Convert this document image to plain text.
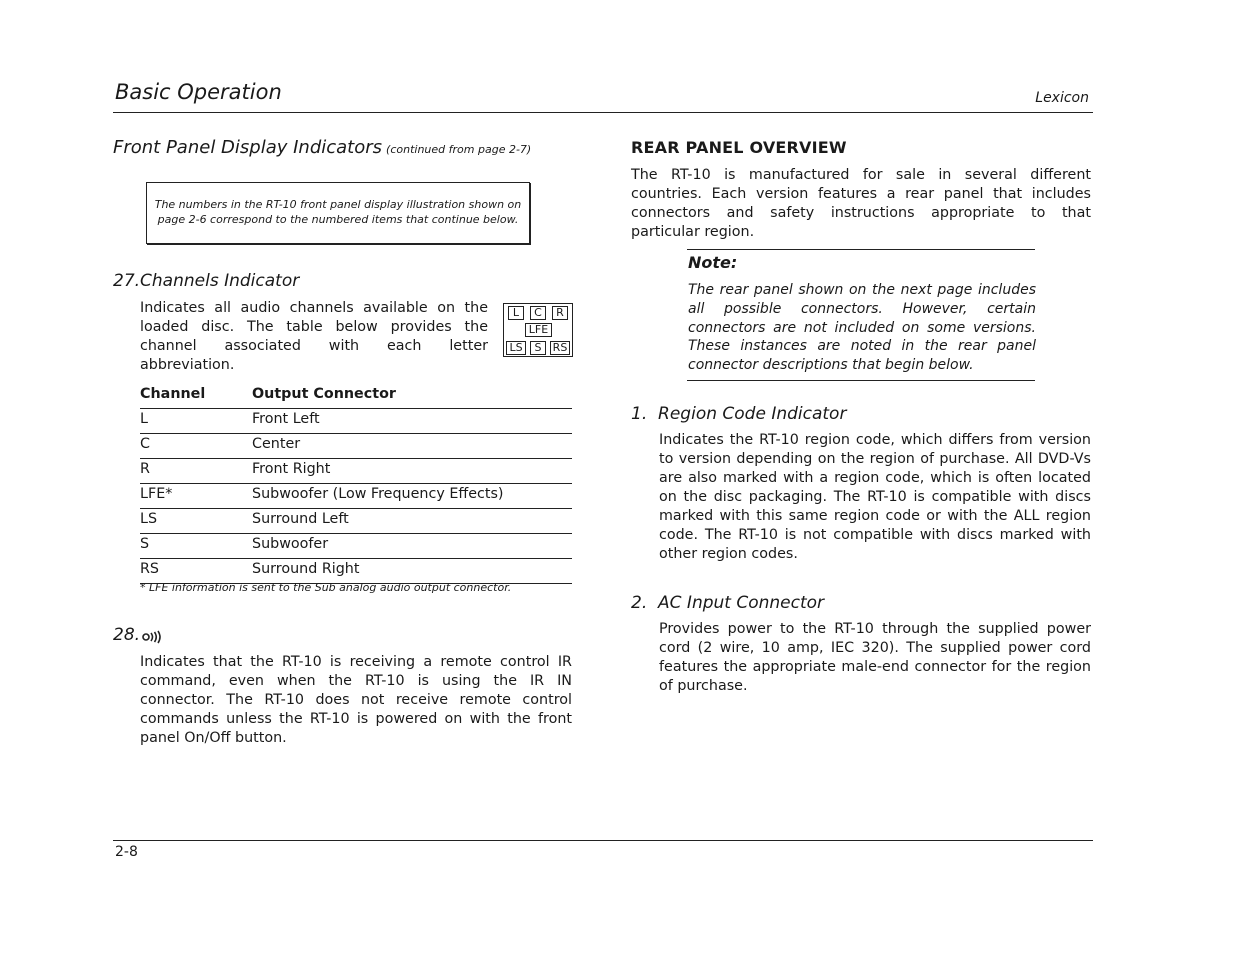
Basic Operation	Lexicon
Front Panel Display Indicators (continued from page 2-7)
The numbers in the RT-10 front panel display illustration shown on
page 2-6 correspond to the numbered items that continue below.
27.Channels Indicator
Indicates all audio channels available on the loaded disc. The table below provides the channel associated with each letter abbreviation.
L	C	R
LFE
LS	S	RS
Channel	Output Connector
L	Front Left
C	Center
R	Front Right
LFE*	Subwoofer (Low Frequency Effects)
LS	Surround Left
S	Subwoofer
RS	Surround Right
* LFE information is sent to the Sub analog audio output connector.
28.
Indicates that the RT-10 is receiving a remote control IR command, even when the RT-10 is using the IR IN connector. The RT-10 does not receive remote control commands unless the RT-10 is powered on with the front panel On/Off button.
REAR PANEL OVERVIEW
The RT-10 is manufactured for sale in several different countries. Each version features a rear panel that includes connectors and safety instructions appropriate to that particular region.
Note:
The rear panel shown on the next page includes all possible connectors. However, certain connectors are not included on some versions. These instances are noted in the rear panel connector descriptions that begin below.
1.  Region Code Indicator
Indicates the RT-10 region code, which differs from version to version depending on the region of purchase. All DVD-Vs are also marked with a region code, which is often located on the disc packaging. The RT-10 is compatible with discs marked with this same region code or with the ALL region code. The RT-10 is not compatible with discs marked with other region codes.
2.  AC Input Connector
Provides power to the RT-10 through the supplied power cord (2 wire, 10 amp, IEC 320). The supplied power cord features the appropriate male-end connector for the region of purchase.
2-8
